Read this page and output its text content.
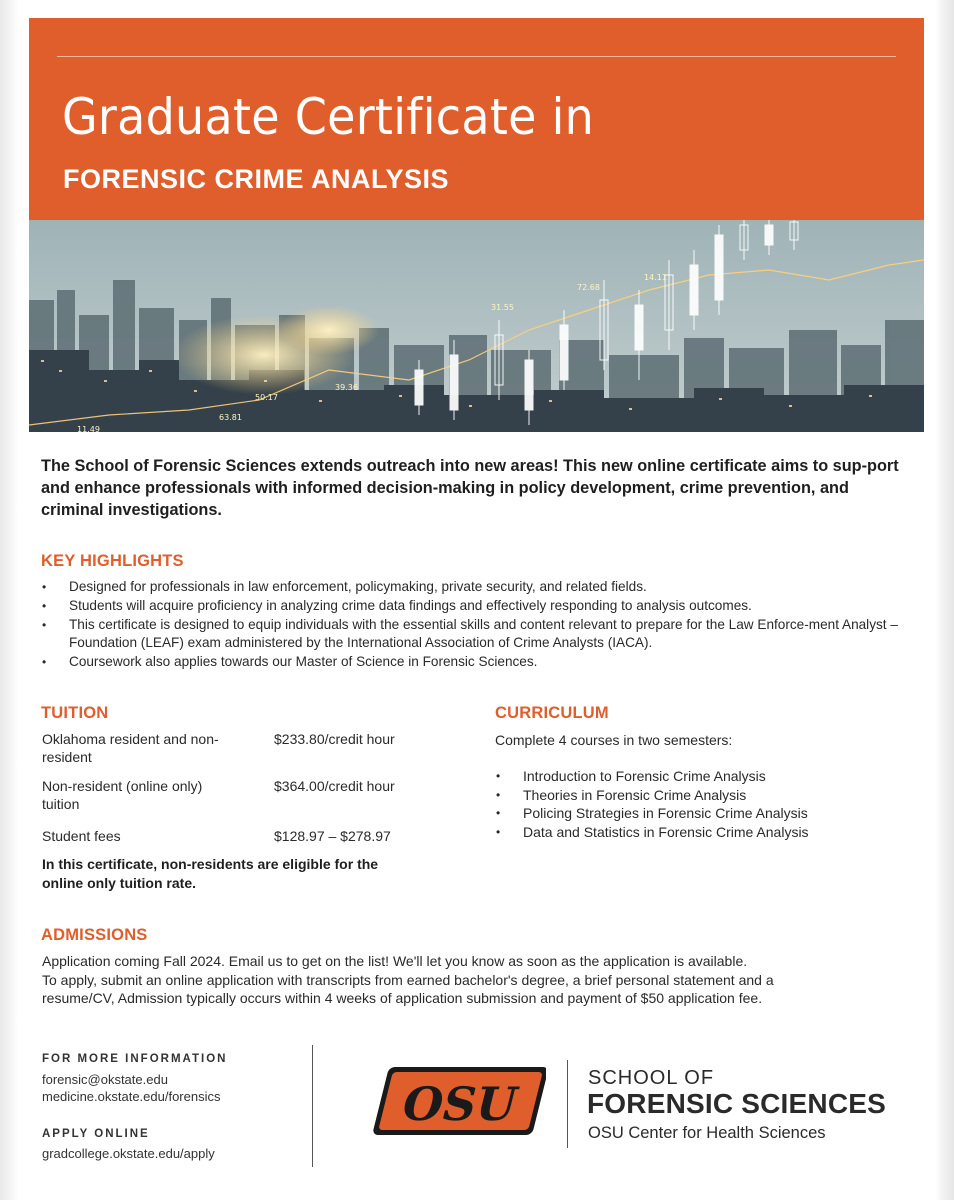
Graduate Certificate in
FORENSIC CRIME ANALYSIS
72.68
14.11
31.55
39.36
50.17
63.81
11.49
The School of Forensic Sciences extends outreach into new areas! This new online certificate aims to sup-port and enhance professionals with informed decision-making in policy development, crime prevention, and criminal investigations.
KEY HIGHLIGHTS
• Designed for professionals in law enforcement, policymaking, private security, and related fields.
• Students will acquire proficiency in analyzing crime data findings and effectively responding to analysis outcomes.
• This certificate is designed to equip individuals with the essential skills and content relevant to prepare for the Law Enforce-ment Analyst – Foundation (LEAF) exam administered by the International Association of Crime Analysts (IACA).
• Coursework also applies towards our Master of Science in Forensic Sciences.
TUITION
Oklahoma resident and non-resident
$233.80/credit hour
Non-resident (online only) tuition
$364.00/credit hour
Student fees	$128.97 – $278.97
In this certificate, non-residents are eligible for the online only tuition rate.
CURRICULUM
Complete 4 courses in two semesters:
• Introduction to Forensic Crime Analysis
• Theories in Forensic Crime Analysis
• Policing Strategies in Forensic Crime Analysis
• Data and Statistics in Forensic Crime Analysis
ADMISSIONS
Application coming Fall 2024. Email us to get on the list! We'll let you know as soon as the application is available.
To apply, submit an online application with transcripts from earned bachelor's degree, a brief personal statement and a
resume/CV, Admission typically occurs within 4 weeks of application submission and payment of $50 application fee.
FOR MORE INFORMATION
forensic@okstate.edu
medicine.okstate.edu/forensics
APPLY ONLINE
gradcollege.okstate.edu/apply
OSU	SCHOOL OF
FORENSIC SCIENCES
OSU Center for Health Sciences
